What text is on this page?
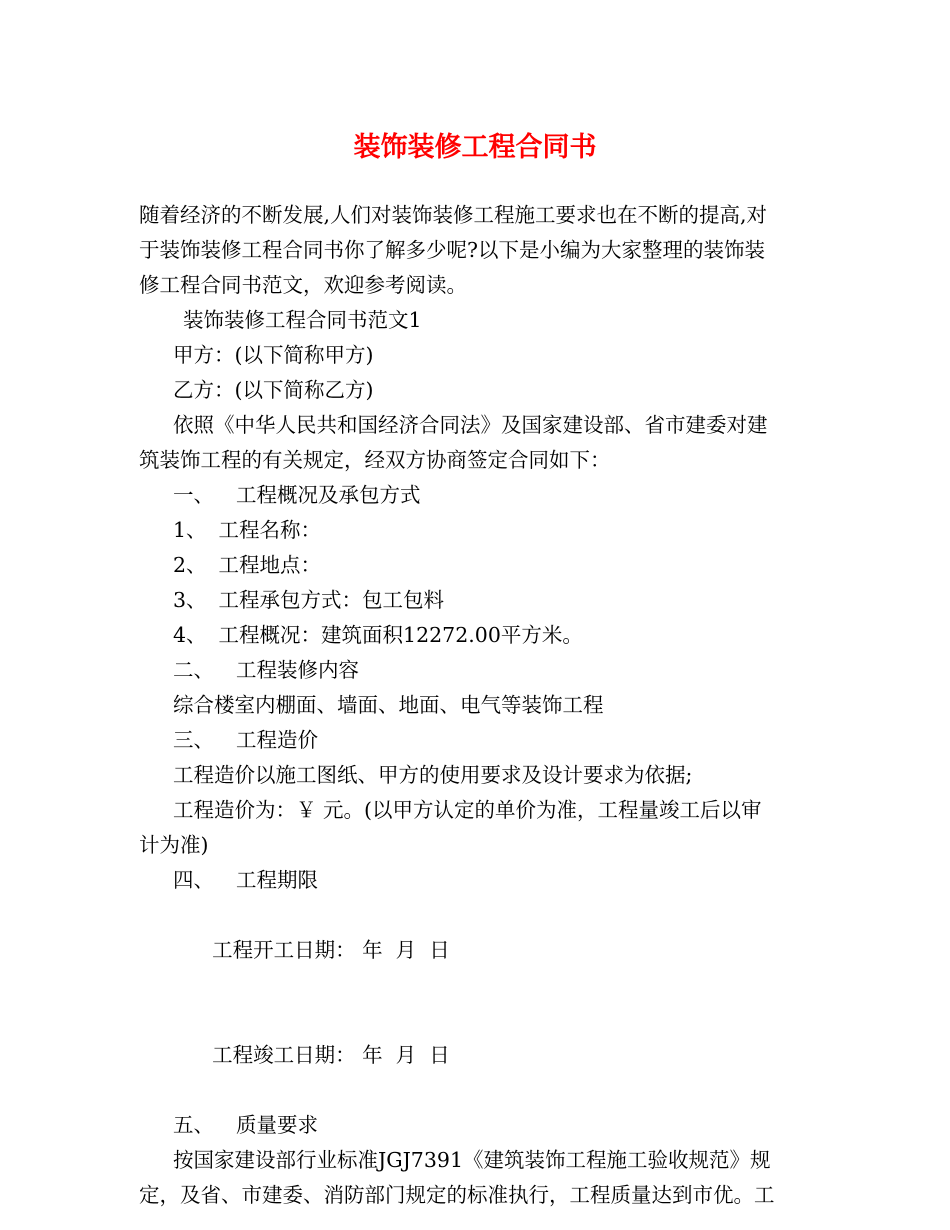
装饰装修工程合同书

随着经济的不断发展,人们对装饰装修工程施工要求也在不断的提高,对

于装饰装修工程合同书你了解多少呢?以下是小编为大家整理的装饰装

修工程合同书范文，欢迎参考阅读。

装饰装修工程合同书范文1

甲方：(以下简称甲方)

乙方：(以下简称乙方)

依照《中华人民共和国经济合同法》及国家建设部、省市建委对建

筑装饰工程的有关规定，经双方协商签定合同如下：

一、 工程概况及承包方式

1、 工程名称：

2、 工程地点：

3、 工程承包方式：包工包料

4、 工程概况：建筑面积12272.00平方米。

二、 工程装修内容

综合楼室内棚面、墙面、地面、电气等装饰工程

三、 工程造价

工程造价以施工图纸、甲方的使用要求及设计要求为依据;

工程造价为：￥ 元。(以甲方认定的单价为准，工程量竣工后以审

计为准)

四、 工程期限

工程开工日期： 年  月  日

工程竣工日期： 年  月  日

五、 质量要求

按国家建设部行业标准JGJ7391《建筑装饰工程施工验收规范》规

定，及省、市建委、消防部门规定的标准执行，工程质量达到市优。工
